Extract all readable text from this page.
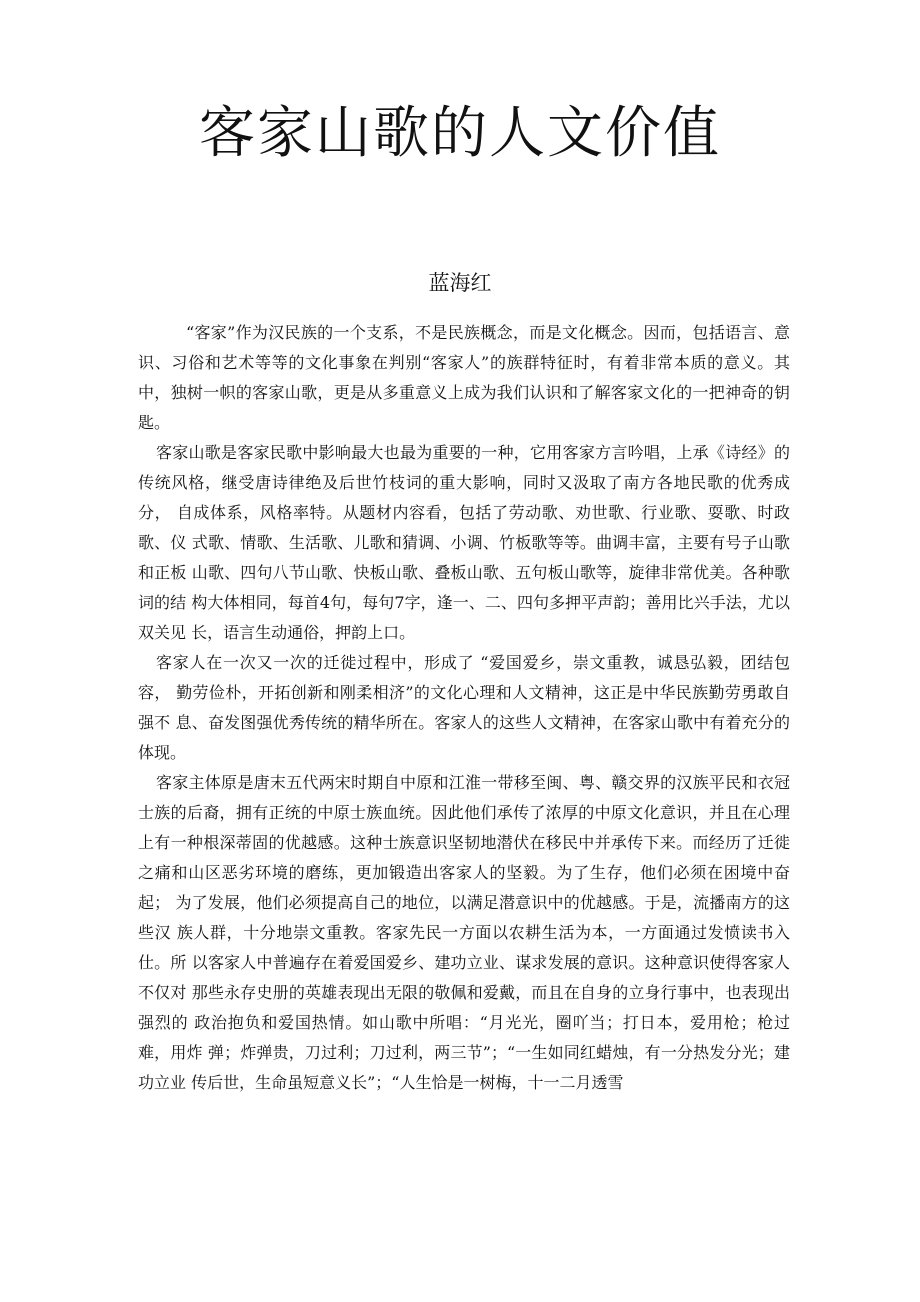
客家山歌的人文价值
蓝海红

“客家”作为汉民族的一个支系，不是民族概念，而是文化概念。因而，包括语言、意 识、习俗和艺术等等的文化事象在判别“客家人”的族群特征时，有着非常本质的意义。其 中，独树一帜的客家山歌，更是从多重意义上成为我们认识和了解客家文化的一把神奇的钥 匙。

客家山歌是客家民歌中影响最大也最为重要的一种，它用客家方言吟唱，上承《诗经》的 传统风格，继受唐诗律绝及后世竹枝词的重大影响，同时又汲取了南方各地民歌的优秀成分， 自成体系，风格率特。从题材内容看，包括了劳动歌、劝世歌、行业歌、耍歌、时政歌、仪 式歌、情歌、生活歌、儿歌和猜调、小调、竹板歌等等。曲调丰富，主要有号子山歌和正板 山歌、四句八节山歌、快板山歌、叠板山歌、五句板山歌等，旋律非常优美。各种歌词的结 构大体相同，每首4句，每句7字，逢一、二、四句多押平声韵；善用比兴手法，尤以双关见 长，语言生动通俗，押韵上口。

客家人在一次又一次的迁徙过程中，形成了 “爱国爱乡，崇文重教，诚恳弘毅，团结包容， 勤劳俭朴，开拓创新和刚柔相济”的文化心理和人文精神，这正是中华民族勤劳勇敢自强不 息、奋发图强优秀传统的精华所在。客家人的这些人文精神，在客家山歌中有着充分的体现。

客家主体原是唐末五代两宋时期自中原和江淮一带移至闽、粤、赣交界的汉族平民和衣冠 士族的后裔，拥有正统的中原士族血统。因此他们承传了浓厚的中原文化意识，并且在心理 上有一种根深蒂固的优越感。这种士族意识坚韧地潜伏在移民中并承传下来。而经历了迁徙 之痛和山区恶劣环境的磨练，更加锻造出客家人的坚毅。为了生存，他们必须在困境中奋起； 为了发展，他们必须提高自己的地位，以满足潜意识中的优越感。于是，流播南方的这些汉 族人群，十分地崇文重教。客家先民一方面以农耕生活为本，一方面通过发愤读书入仕。所 以客家人中普遍存在着爱国爱乡、建功立业、谋求发展的意识。这种意识使得客家人不仅对 那些永存史册的英雄表现出无限的敬佩和爱戴，而且在自身的立身行事中，也表现出强烈的 政治抱负和爱国热情。如山歌中所唱：“月光光，圈吖当；打日本，爱用枪；枪过难，用炸 弹；炸弹贵，刀过利；刀过利，两三节”；“一生如同红蜡烛，有一分热发分光；建功立业 传后世，生命虽短意义长”；“人生恰是一树梅，十一二月透雪
